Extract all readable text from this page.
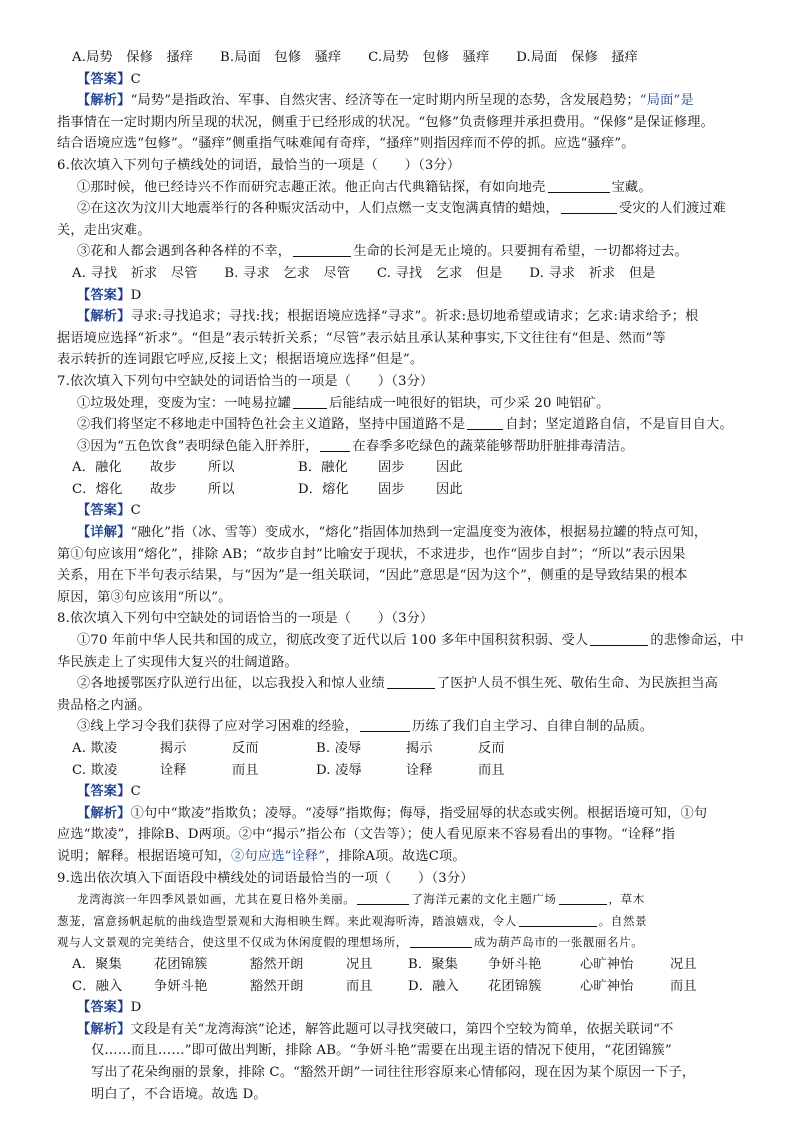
A.局势　保修　搔痒　　B.局面　包修　骚痒　　C.局势　包修　骚痒　　D.局面　保修　搔痒
【答案】C
【解析】“局势”是指政治、军事、自然灾害、经济等在一定时期内所呈现的态势，含发展趋势；“局面”是
指事情在一定时期内所呈现的状况，侧重于已经形成的状况。“包修”负责修理并承担费用。“保修”是保证修理。
结合语境应选“包修”。“骚痒”侧重指气味难闻有奇痒，“搔痒”则指因痒而不停的抓。应选“骚痒”。
6.依次填入下列句子横线处的词语，最恰当的一项是（　　）（3分）
①那时候，他已经诗兴不作而研究志趣正浓。他正向古代典籍钻探，有如向地壳	宝藏。
②在这次为汶川大地震举行的各种赈灾活动中，人们点燃一支支饱满真情的蜡烛，	受灾的人们渡过难
关，走出灾难。
③花和人都会遇到各种各样的不幸，	生命的长河是无止境的。只要拥有希望，一切都将过去。
A. 寻找　祈求　尽管　　B. 寻求　乞求　尽管　　C. 寻找　乞求　但是　　D. 寻求　祈求　但是
【答案】D
【解析】寻求:寻找追求；寻找:找；根据语境应选择“寻求”。祈求:恳切地希望或请求；乞求:请求给予；根
据语境应选择“祈求”。“但是”表示转折关系；“尽管”表示姑且承认某种事实,下文往往有“但是、然而”等
表示转折的连词跟它呼应,反接上文；根据语境应选择“但是”。
7.依次填入下列句中空缺处的词语恰当的一项是（　　）（3分）
①垃圾处理，变废为宝：一吨易拉罐	后能结成一吨很好的铝块，可少采 20 吨铝矿。
②我们将坚定不移地走中国特色社会主义道路，坚持中国道路不是	自封；坚定道路自信，不是盲目自大。
③因为“五色饮食”表明绿色能入肝养肝，	在春季多吃绿色的蔬菜能够帮助肝脏排毒清洁。
A．融化 故步 所以	B．融化 固步 因此
C．熔化 故步 所以	D．熔化 固步 因此
【答案】C
【详解】“融化”指（冰、雪等）变成水，“熔化”指固体加热到一定温度变为液体，根据易拉罐的特点可知，
第①句应该用“熔化”，排除 AB；“故步自封”比喻安于现状，不求进步，也作“固步自封”；“所以”表示因果
关系，用在下半句表示结果，与“因为”是一组关联词，“因此”意思是“因为这个”，侧重的是导致结果的根本
原因，第③句应该用“所以”。
8.依次填入下列句中空缺处的词语恰当的一项是（　　）（3分）
①70 年前中华人民共和国的成立，彻底改变了近代以后 100 多年中国积贫积弱、受人	的悲惨命运，中
华民族走上了实现伟大复兴的壮阔道路。
②各地援鄂医疗队逆行出征，以忘我投入和惊人业绩	了医护人员不惧生死、敬佑生命、为民族担当高
贵品格之内涵。
③线上学习令我们获得了应对学习困难的经验，	历练了我们自主学习、自律自制的品质。
A. 欺凌	揭示	反而	B. 凌辱	揭示	反而
C. 欺凌	诠释	而且	D. 凌辱	诠释	而且
【答案】C
【解析】①句中“欺凌”指欺负；凌辱。“凌辱”指欺侮；侮辱，指受屈辱的状态或实例。根据语境可知，①句
应选“欺凌”，排除B、D两项。②中“揭示”指公布（文告等）；使人看见原来不容易看出的事物。“诠释”指
说明；解释。根据语境可知，②句应选“诠释”，排除A项。故选C项。
9.选出依次填入下面语段中横线处的词语最恰当的一项（　　）（3分）
龙湾海滨一年四季风景如画，尤其在夏日格外美丽。	了海洋元素的文化主题广场	，草木
葱茏，富意扬帆起航的曲线造型景观和大海相映生辉。来此观海听涛，踏浪嬉戏，令人	。自然景
观与人文景观的完美结合，使这里不仅成为休闲度假的理想场所，	成为葫芦岛市的一张靓丽名片。
A．聚集 花团锦簇	豁然开朗	况且	B．聚集 争妍斗艳	心旷神怡	况且
C．融入 争妍斗艳	豁然开朗	而且	D．融入 花团锦簇	心旷神怡	而且
【答案】D
【解析】文段是有关“龙湾海滨”论述，解答此题可以寻找突破口，第四个空较为简单，依据关联词“不
仅……而且……”即可做出判断，排除 AB。“争妍斗艳”需要在出现主语的情况下使用，“花团锦簇”
写出了花朵绚丽的景象，排除 C。“豁然开朗”一词往往形容原来心情郁闷，现在因为某个原因一下子，
明白了，不合语境。故选 D。
